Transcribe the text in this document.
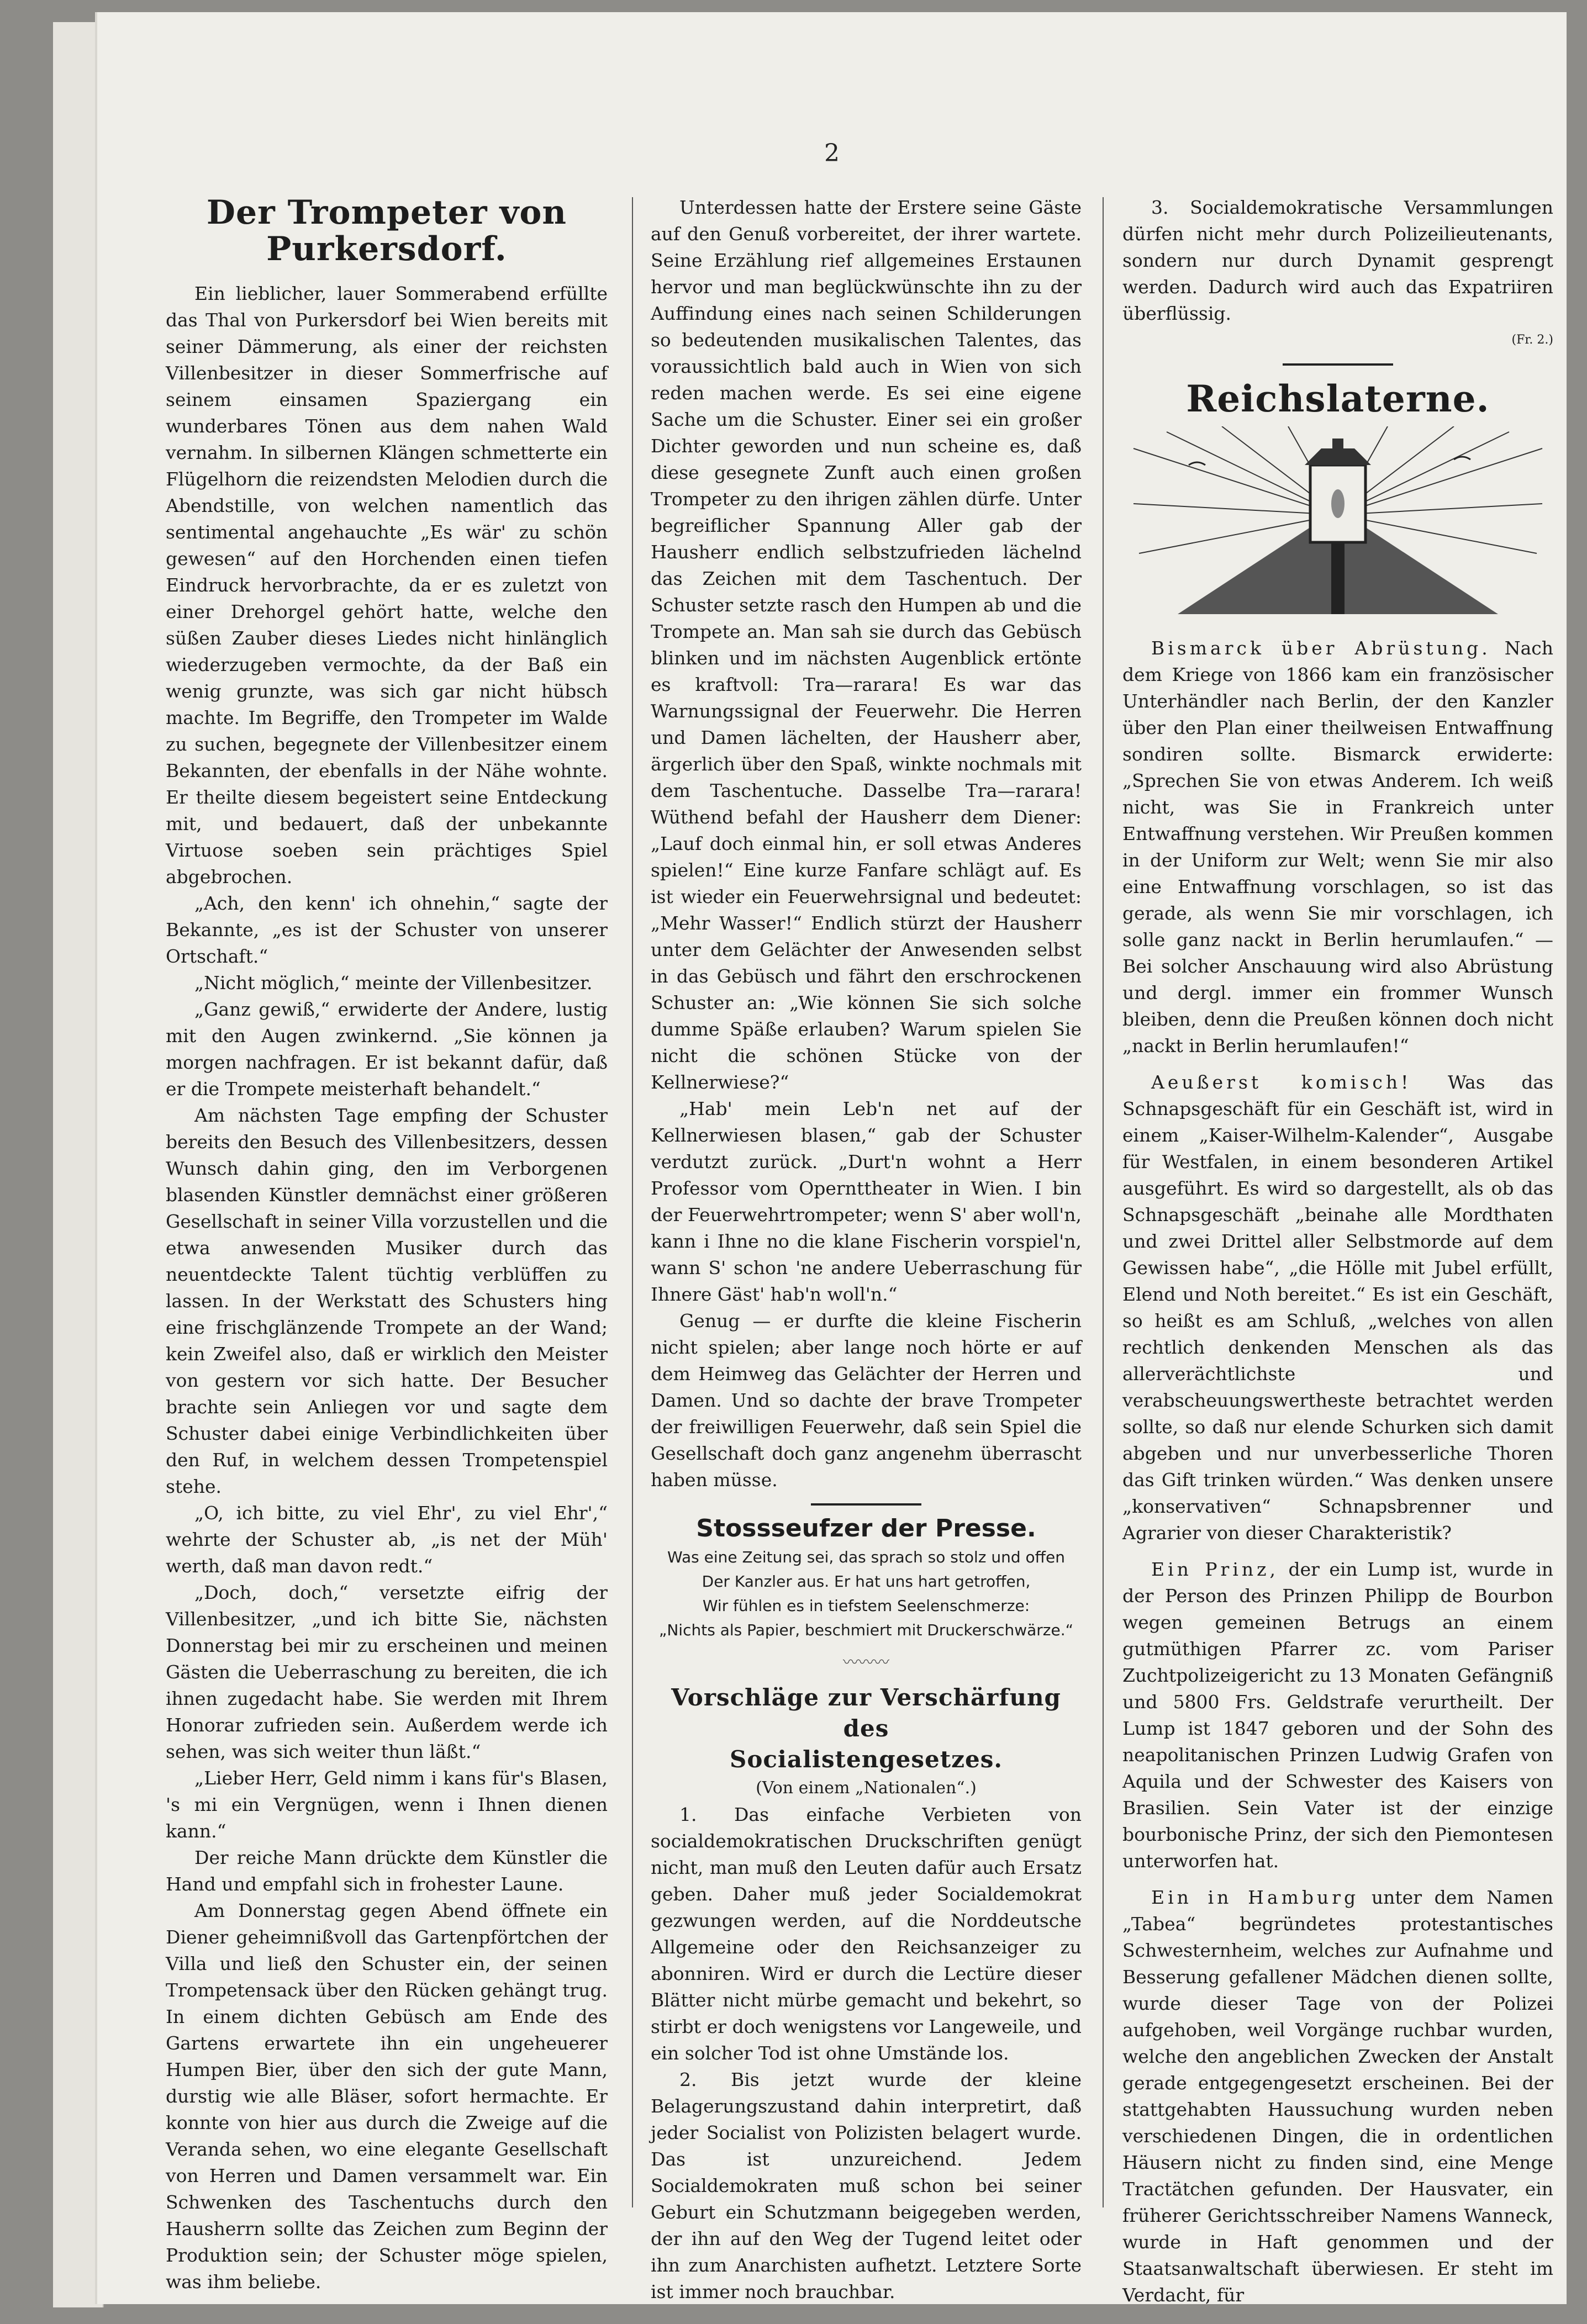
2
Der Trompeter von Purkersdorf.

Ein lieblicher, lauer Sommerabend erfüllte das Thal von Purkersdorf bei Wien bereits mit seiner Dämmerung, als einer der reichsten Villenbesitzer in dieser Sommerfrische auf seinem einsamen Spaziergang ein wunderbares Tönen aus dem nahen Wald vernahm. In silbernen Klängen schmetterte ein Flügelhorn die reizendsten Melodien durch die Abendstille, von welchen namentlich das sentimental angehauchte „Es wär' zu schön gewesen“ auf den Horchenden einen tiefen Eindruck hervorbrachte, da er es zuletzt von einer Drehorgel gehört hatte, welche den süßen Zauber dieses Liedes nicht hinlänglich wiederzugeben vermochte, da der Baß ein wenig grunzte, was sich gar nicht hübsch machte. Im Begriffe, den Trompeter im Walde zu suchen, begegnete der Villenbesitzer einem Bekannten, der ebenfalls in der Nähe wohnte. Er theilte diesem begeistert seine Entdeckung mit, und bedauert, daß der unbekannte Virtuose soeben sein prächtiges Spiel abgebrochen.

„Ach, den kenn' ich ohnehin,“ sagte der Bekannte, „es ist der Schuster von unserer Ortschaft.“

„Nicht möglich,“ meinte der Villenbesitzer.

„Ganz gewiß,“ erwiderte der Andere, lustig mit den Augen zwinkernd. „Sie können ja morgen nachfragen. Er ist bekannt dafür, daß er die Trompete meisterhaft behandelt.“

Am nächsten Tage empfing der Schuster bereits den Besuch des Villenbesitzers, dessen Wunsch dahin ging, den im Verborgenen blasenden Künstler demnächst einer größeren Gesellschaft in seiner Villa vorzustellen und die etwa anwesenden Musiker durch das neuentdeckte Talent tüchtig verblüffen zu lassen. In der Werkstatt des Schusters hing eine frischglänzende Trompete an der Wand; kein Zweifel also, daß er wirklich den Meister von gestern vor sich hatte. Der Besucher brachte sein Anliegen vor und sagte dem Schuster dabei einige Verbindlichkeiten über den Ruf, in welchem dessen Trompetenspiel stehe.

„O, ich bitte, zu viel Ehr', zu viel Ehr',“ wehrte der Schuster ab, „is net der Müh' werth, daß man davon redt.“

„Doch, doch,“ versetzte eifrig der Villenbesitzer, „und ich bitte Sie, nächsten Donnerstag bei mir zu erscheinen und meinen Gästen die Ueberraschung zu bereiten, die ich ihnen zugedacht habe. Sie werden mit Ihrem Honorar zufrieden sein. Außerdem werde ich sehen, was sich weiter thun läßt.“

„Lieber Herr, Geld nimm i kans für's Blasen, 's mi ein Vergnügen, wenn i Ihnen dienen kann.“

Der reiche Mann drückte dem Künstler die Hand und empfahl sich in frohester Laune.

Am Donnerstag gegen Abend öffnete ein Diener geheimnißvoll das Gartenpförtchen der Villa und ließ den Schuster ein, der seinen Trompetensack über den Rücken gehängt trug. In einem dichten Gebüsch am Ende des Gartens erwartete ihn ein ungeheuerer Humpen Bier, über den sich der gute Mann, durstig wie alle Bläser, sofort hermachte. Er konnte von hier aus durch die Zweige auf die Veranda sehen, wo eine elegante Gesellschaft von Herren und Damen versammelt war. Ein Schwenken des Taschentuchs durch den Hausherrn sollte das Zeichen zum Beginn der Produktion sein; der Schuster möge spielen, was ihm beliebe.

Unterdessen hatte der Erstere seine Gäste auf den Genuß vorbereitet, der ihrer wartete. Seine Erzählung rief allgemeines Erstaunen hervor und man beglückwünschte ihn zu der Auffindung eines nach seinen Schilderungen so bedeutenden musikalischen Talentes, das voraussichtlich bald auch in Wien von sich reden machen werde. Es sei eine eigene Sache um die Schuster. Einer sei ein großer Dichter geworden und nun scheine es, daß diese gesegnete Zunft auch einen großen Trompeter zu den ihrigen zählen dürfe. Unter begreiflicher Spannung Aller gab der Hausherr endlich selbstzufrieden lächelnd das Zeichen mit dem Taschentuch. Der Schuster setzte rasch den Humpen ab und die Trompete an. Man sah sie durch das Gebüsch blinken und im nächsten Augenblick ertönte es kraftvoll: Tra—rarara! Es war das Warnungssignal der Feuerwehr. Die Herren und Damen lächelten, der Hausherr aber, ärgerlich über den Spaß, winkte nochmals mit dem Taschentuche. Dasselbe Tra—rarara! Wüthend befahl der Hausherr dem Diener: „Lauf doch einmal hin, er soll etwas Anderes spielen!“ Eine kurze Fanfare schlägt auf. Es ist wieder ein Feuerwehrsignal und bedeutet: „Mehr Wasser!“ Endlich stürzt der Hausherr unter dem Gelächter der Anwesenden selbst in das Gebüsch und fährt den erschrockenen Schuster an: „Wie können Sie sich solche dumme Späße erlauben? Warum spielen Sie nicht die schönen Stücke von der Kellnerwiese?“

„Hab' mein Leb'n net auf der Kellnerwiesen blasen,“ gab der Schuster verdutzt zurück. „Durt'n wohnt a Herr Professor vom Opernttheater in Wien. I bin der Feuerwehrtrompeter; wenn S' aber woll'n, kann i Ihne no die klane Fischerin vorspiel'n, wann S' schon 'ne andere Ueberraschung für Ihnere Gäst' hab'n woll'n.“

Genug — er durfte die kleine Fischerin nicht spielen; aber lange noch hörte er auf dem Heimweg das Gelächter der Herren und Damen. Und so dachte der brave Trompeter der freiwilligen Feuerwehr, daß sein Spiel die Gesellschaft doch ganz angenehm überrascht haben müsse.

Stossseufzer der Presse.
Was eine Zeitung sei, das sprach so stolz und offen
Der Kanzler aus. Er hat uns hart getroffen,
Wir fühlen es in tiefstem Seelenschmerze:
„Nichts als Papier, beschmiert mit Druckerschwärze.“
〰〰〰
Vorschläge zur Verschärfung des
Socialistengesetzes.
(Von einem „Nationalen“.)

1. Das einfache Verbieten von socialdemokratischen Druckschriften genügt nicht, man muß den Leuten dafür auch Ersatz geben. Daher muß jeder Socialdemokrat gezwungen werden, auf die Norddeutsche Allgemeine oder den Reichsanzeiger zu abonniren. Wird er durch die Lectüre dieser Blätter nicht mürbe gemacht und bekehrt, so stirbt er doch wenigstens vor Langeweile, und ein solcher Tod ist ohne Umstände los.

2. Bis jetzt wurde der kleine Belagerungszustand dahin interpretirt, daß jeder Socialist von Polizisten belagert wurde. Das ist unzureichend. Jedem Socialdemokraten muß schon bei seiner Geburt ein Schutzmann beigegeben werden, der ihn auf den Weg der Tugend leitet oder ihn zum Anarchisten aufhetzt. Letztere Sorte ist immer noch brauchbar.

3. Socialdemokratische Versammlungen dürfen nicht mehr durch Polizeilieutenants, sondern nur durch Dynamit gesprengt werden. Dadurch wird auch das Expatriiren überflüssig.

(Fr. 2.)
Reichslaterne.

Bismarck über Abrüstung. Nach dem Kriege von 1866 kam ein französischer Unterhändler nach Berlin, der den Kanzler über den Plan einer theilweisen Entwaffnung sondiren sollte. Bismarck erwiderte: „Sprechen Sie von etwas Anderem. Ich weiß nicht, was Sie in Frankreich unter Entwaffnung verstehen. Wir Preußen kommen in der Uniform zur Welt; wenn Sie mir also eine Entwaffnung vorschlagen, so ist das gerade, als wenn Sie mir vorschlagen, ich solle ganz nackt in Berlin herumlaufen.“ — Bei solcher Anschauung wird also Abrüstung und dergl. immer ein frommer Wunsch bleiben, denn die Preußen können doch nicht „nackt in Berlin herumlaufen!“

Aeußerst komisch! Was das Schnapsgeschäft für ein Geschäft ist, wird in einem „Kaiser-Wilhelm-Kalender“, Ausgabe für Westfalen, in einem besonderen Artikel ausgeführt. Es wird so dargestellt, als ob das Schnapsgeschäft „beinahe alle Mordthaten und zwei Drittel aller Selbstmorde auf dem Gewissen habe“, „die Hölle mit Jubel erfüllt, Elend und Noth bereitet.“ Es ist ein Geschäft, so heißt es am Schluß, „welches von allen rechtlich denkenden Menschen als das allerverächtlichste und verabscheuungswertheste betrachtet werden sollte, so daß nur elende Schurken sich damit abgeben und nur unverbesserliche Thoren das Gift trinken würden.“ Was denken unsere „konservativen“ Schnapsbrenner und Agrarier von dieser Charakteristik?

Ein Prinz, der ein Lump ist, wurde in der Person des Prinzen Philipp de Bourbon wegen gemeinen Betrugs an einem gutmüthigen Pfarrer zc. vom Pariser Zuchtpolizeigericht zu 13 Monaten Gefängniß und 5800 Frs. Geldstrafe verurtheilt. Der Lump ist 1847 geboren und der Sohn des neapolitanischen Prinzen Ludwig Grafen von Aquila und der Schwester des Kaisers von Brasilien. Sein Vater ist der einzige bourbonische Prinz, der sich den Piemontesen unterworfen hat.

Ein in Hamburg unter dem Namen „Tabea“ begründetes protestantisches Schwesternheim, welches zur Aufnahme und Besserung gefallener Mädchen dienen sollte, wurde dieser Tage von der Polizei aufgehoben, weil Vorgänge ruchbar wurden, welche den angeblichen Zwecken der Anstalt gerade entgegengesetzt erscheinen. Bei der stattgehabten Haussuchung wurden neben verschiedenen Dingen, die in ordentlichen Häusern nicht zu finden sind, eine Menge Tractätchen gefunden. Der Hausvater, ein früherer Gerichtsschreiber Namens Wanneck, wurde in Haft genommen und der Staatsanwaltschaft überwiesen. Er steht im Verdacht, für
